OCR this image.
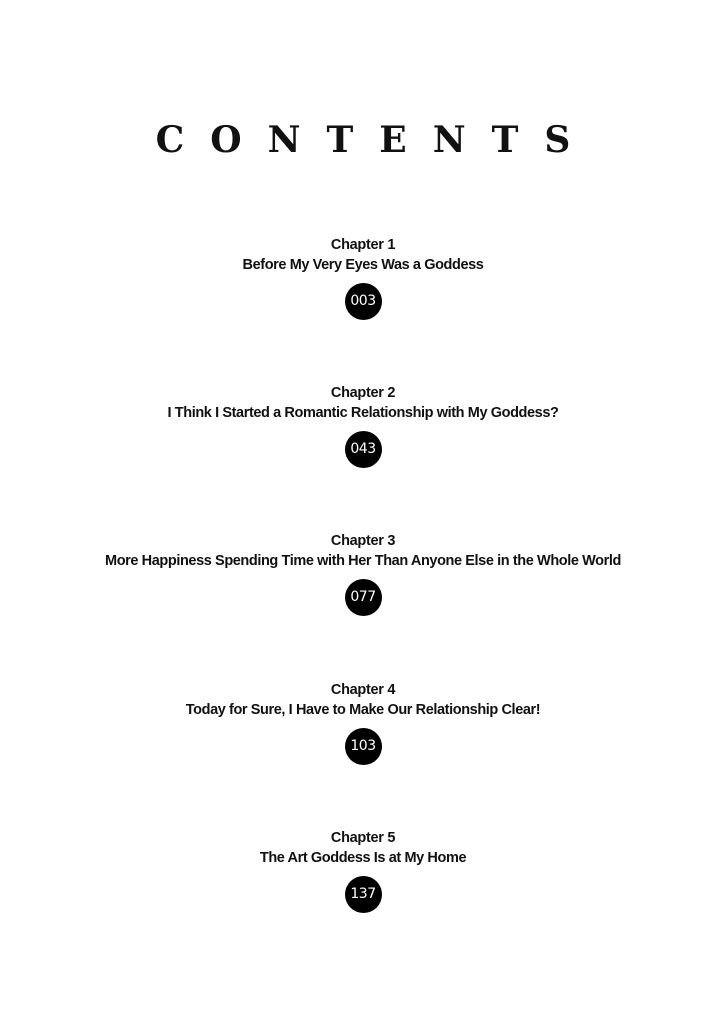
CONTENTS
Chapter 1
Before My Very Eyes Was a Goddess
003
Chapter 2
I Think I Started a Romantic Relationship with My Goddess?
043
Chapter 3
More Happiness Spending Time with Her Than Anyone Else in the Whole World
077
Chapter 4
Today for Sure, I Have to Make Our Relationship Clear!
103
Chapter 5
The Art Goddess Is at My Home
137
